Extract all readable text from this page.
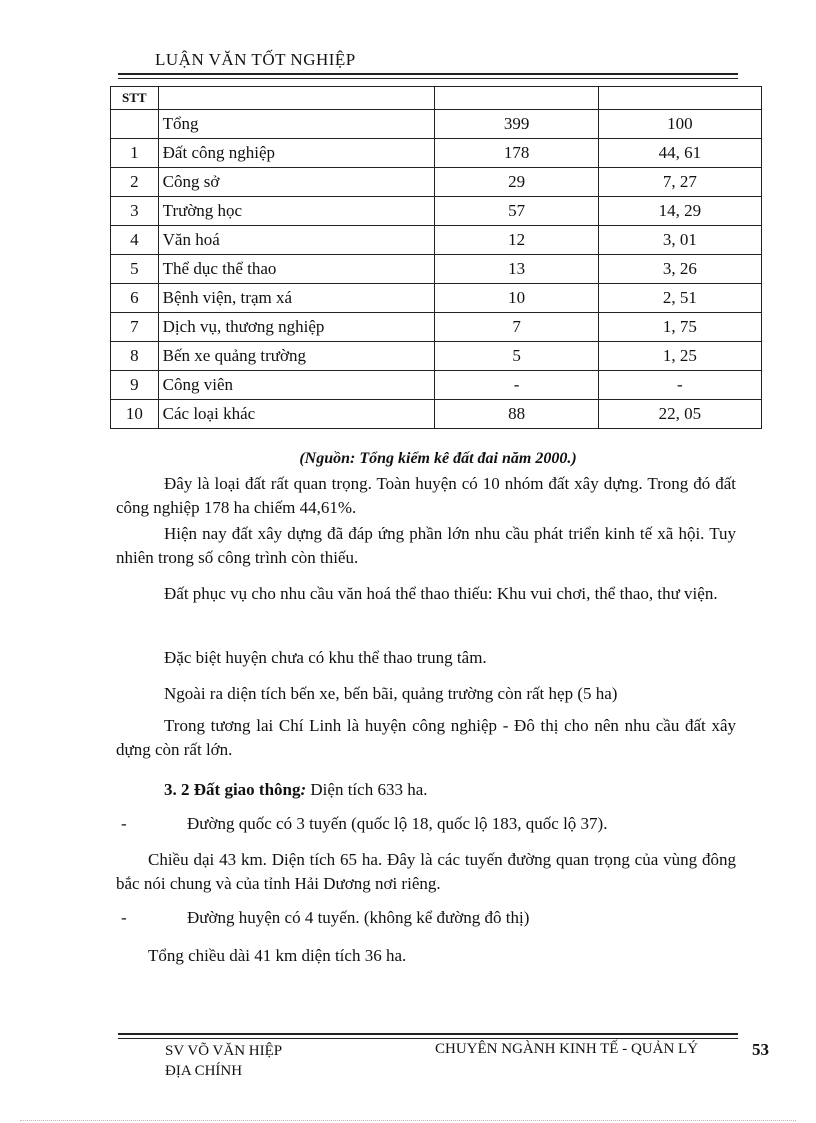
LUẬN VĂN TỐT NGHIỆP
STT			
	Tổng	399	100
1	Đất công nghiệp	178	44, 61
2	Công sở	29	7, 27
3	Trường học	57	14, 29
4	Văn hoá	12	3, 01
5	Thể dục thể thao	13	3, 26
6	Bệnh viện, trạm xá	10	2, 51
7	Dịch vụ, thương nghiệp	7	1, 75
8	Bến xe quảng trường	5	1, 25
9	Công viên	-	-
10	Các loại khác	88	22, 05
(Nguồn: Tổng kiểm kê đất đai năm 2000.)

Đây là loại đất rất quan trọng. Toàn huyện có 10 nhóm đất xây dựng. Trong đó đất công nghiệp 178 ha chiếm 44,61%.

Hiện nay đất xây dựng đã đáp ứng phần lớn nhu cầu phát triển kinh tế xã hội. Tuy nhiên trong số công trình còn thiếu.

Đất phục vụ cho nhu cầu văn hoá thể thao thiếu: Khu vui chơi, thể thao, thư viện.

Đặc biệt huyện chưa có khu thể thao trung tâm.

Ngoài ra diện tích bến xe, bến bãi, quảng trường còn rất hẹp (5 ha)

Trong tương lai Chí Linh là huyện công nghiệp - Đô thị cho nên nhu cầu đất xây dựng còn rất lớn.

3. 2 Đất giao thông: Diện tích 633 ha.

-	Đường quốc có 3 tuyến (quốc lộ 18, quốc lộ 183, quốc lộ 37).

Chiều dại 43 km. Diện tích 65 ha. Đây là các tuyến đường quan trọng của vùng đông bắc nói chung và của tỉnh Hải Dương nơi riêng.

-	Đường huyện có 4 tuyến. (không kể đường đô thị)

Tổng chiều dài 41 km diện tích 36 ha.

SV VÕ VĂN HIỆP
ĐỊA CHÍNH
CHUYÊN NGÀNH KINH TẾ - QUẢN LÝ	53
